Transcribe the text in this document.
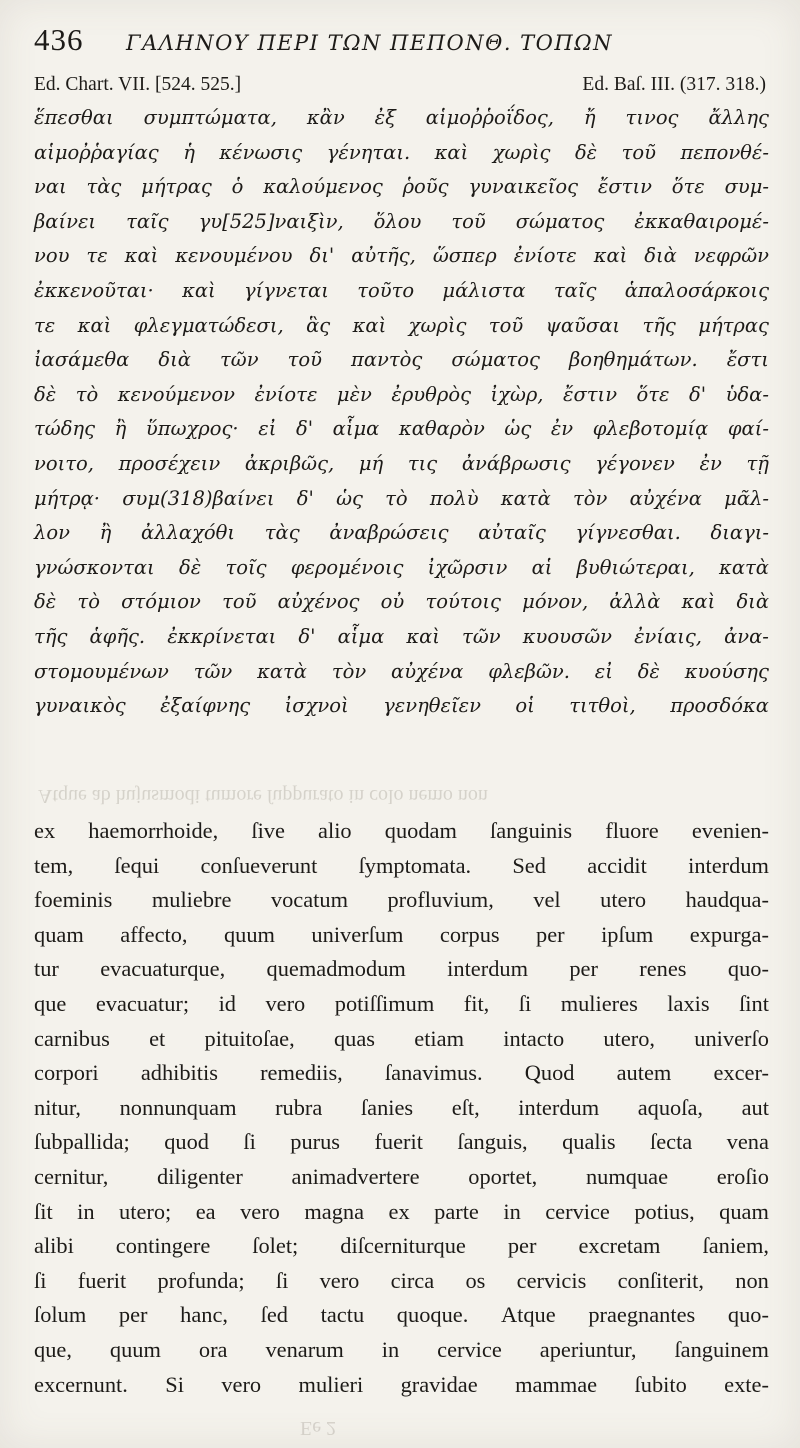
436	ΓΑΛΗΝΟΥ ΠΕΡΙ ΤΩΝ ΠΕΠΟΝΘ. ΤΟΠΩΝ
Ed. Chart. VII. [524. 525.]	Ed. Baſ. III. (317. 318.)
ἕπεσθαι συμπτώματα, κἂν ἐξ αἱμοῤῥοΐδος, ἤ τινος ἄλλης
αἱμοῤῥαγίας ἡ κένωσις γένηται. καὶ χωρὶς δὲ τοῦ πεπονθέ-
ναι τὰς μήτρας ὁ καλούμενος ῥοῦς γυναικεῖος ἔστιν ὅτε συμ-
βαίνει ταῖς γυ[525]ναιξὶν, ὅλου τοῦ σώματος ἐκκαθαιρομέ-
νου τε καὶ κενουμένου δι' αὐτῆς, ὥσπερ ἐνίοτε καὶ διὰ νεφρῶν
ἐκκενοῦται· καὶ γίγνεται τοῦτο μάλιστα ταῖς ἁπαλοσάρκοις
τε καὶ φλεγματώδεσι, ἃς καὶ χωρὶς τοῦ ψαῦσαι τῆς μήτρας
ἰασάμεθα διὰ τῶν τοῦ παντὸς σώματος βοηθημάτων. ἔστι
δὲ τὸ κενούμενον ἐνίοτε μὲν ἐρυθρὸς ἰχὼρ, ἔστιν ὅτε δ' ὑδα-
τώδης ἢ ὕπωχρος· εἰ δ' αἷμα καθαρὸν ὡς ἐν φλεβοτομίᾳ φαί-
νοιτο, προσέχειν ἀκριβῶς, μή τις ἀνάβρωσις γέγονεν ἐν τῇ
μήτρᾳ· συμ(318)βαίνει δ' ὡς τὸ πολὺ κατὰ τὸν αὐχένα μᾶλ-
λον ἢ ἀλλαχόθι τὰς ἀναβρώσεις αὐταῖς γίγνεσθαι. διαγι-
γνώσκονται δὲ τοῖς φερομένοις ἰχῶρσιν αἱ βυθιώτεραι, κατὰ
δὲ τὸ στόμιον τοῦ αὐχένος οὐ τούτοις μόνον, ἀλλὰ καὶ διὰ
τῆς ἁφῆς. ἐκκρίνεται δ' αἷμα καὶ τῶν κυουσῶν ἐνίαις, ἀνα-
στομουμένων τῶν κατὰ τὸν αὐχένα φλεβῶν. εἰ δὲ κυούσης
γυναικὸς ἐξαίφνης ἰσχνοὶ γενηθεῖεν οἱ τιτθοὶ, προσδόκα
Atque ab hujusmodi tumore ſuppurato in colo nemo non
ex haemorrhoide, ſive alio quodam ſanguinis fluore evenien-
tem, ſequi conſueverunt ſymptomata. Sed accidit interdum
foeminis muliebre vocatum profluvium, vel utero haudqua-
quam affecto, quum univerſum corpus per ipſum expurga-
tur evacuaturque, quemadmodum interdum per renes quo-
que evacuatur; id vero potiſſimum fit, ſi mulieres laxis ſint
carnibus et pituitoſae, quas etiam intacto utero, univerſo
corpori adhibitis remediis, ſanavimus. Quod autem excer-
nitur, nonnunquam rubra ſanies eſt, interdum aquoſa, aut
ſubpallida; quod ſi purus fuerit ſanguis, qualis ſecta vena
cernitur, diligenter animadvertere oportet, numquae eroſio
ſit in utero; ea vero magna ex parte in cervice potius, quam
alibi contingere ſolet; diſcerniturque per excretam ſaniem,
ſi fuerit profunda; ſi vero circa os cervicis conſiterit, non
ſolum per hanc, ſed tactu quoque. Atque praegnantes quo-
que, quum ora venarum in cervice aperiuntur, ſanguinem
excernunt. Si vero mulieri gravidae mammae ſubito exte-
Ee 2
